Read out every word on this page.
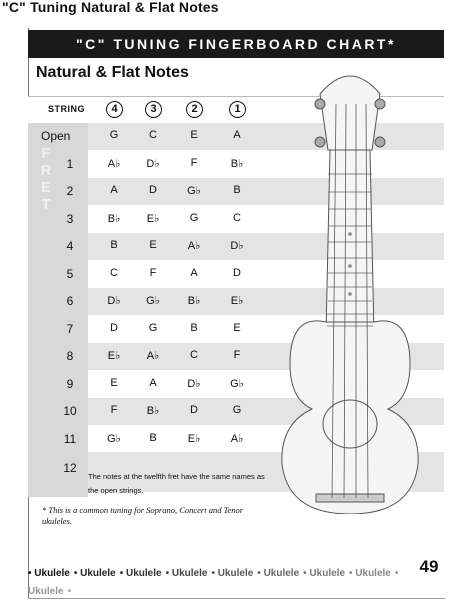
"C" Tuning Natural & Flat Notes
"C" TUNING FINGERBOARD CHART*
Natural & Flat Notes
F
R
E
T
STRING	4	3	2	1
Open	G	C	E	A
1	A♭	D♭	F	B♭
2	A	D	G♭	B
3	B♭	E♭	G	C
4	B	E	A♭	D♭
5	C	F	A	D
6	D♭	G♭	B♭	E♭
7	D	G	B	E
8	E♭	A♭	C	F
9	E	A	D♭	G♭
10	F	B♭	D	G
11	G♭	B	E♭	A♭
12
The notes at the twelfth fret have the same names as the open strings.
* This is a common tuning for Soprano, Concert and Tenor ukuleles.
• Ukulele • Ukulele • Ukulele • Ukulele • Ukulele • Ukulele • Ukulele • Ukulele • Ukulele •
49
